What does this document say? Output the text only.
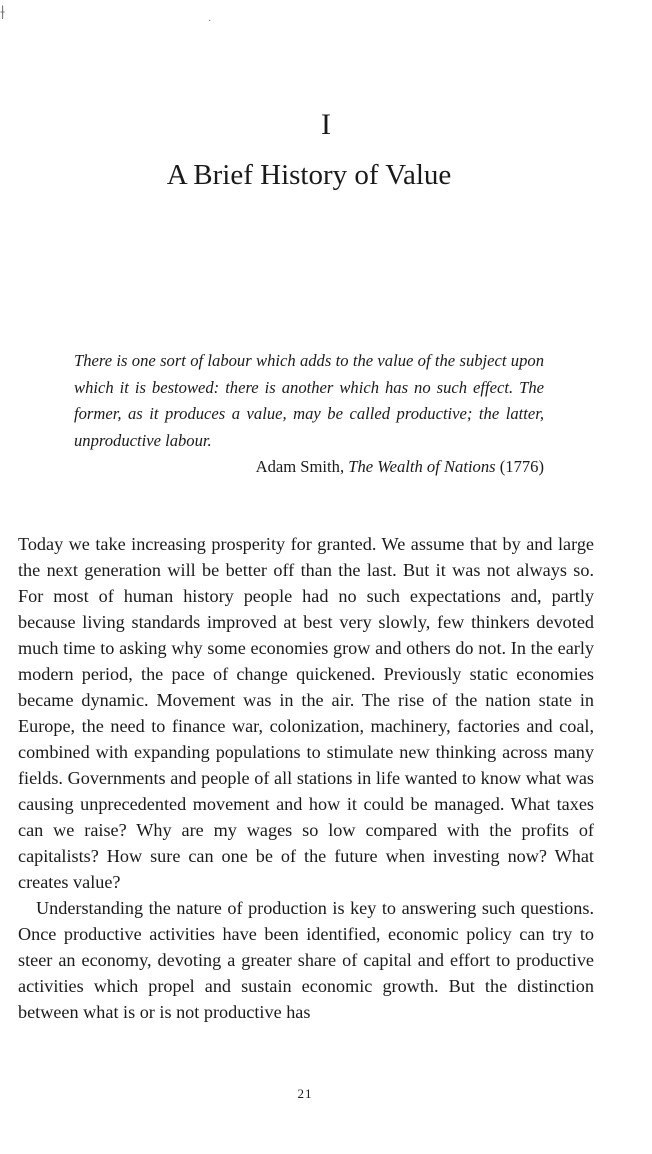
⟊	·
I
A Brief History of Value
There is one sort of labour which adds to the value of the subject upon which it is bestowed: there is another which has no such effect. The former, as it produces a value, may be called productive; the latter, unproductive labour.
Adam Smith, The Wealth of Nations (1776)

Today we take increasing prosperity for granted. We assume that by and large the next generation will be better off than the last. But it was not always so. For most of human history people had no such expectations and, partly because living standards improved at best very slowly, few thinkers devoted much time to asking why some economies grow and others do not. In the early modern period, the pace of change quickened. Previously static economies became dynamic. Movement was in the air. The rise of the nation state in Europe, the need to finance war, colonization, machinery, factories and coal, combined with expanding populations to stimulate new thinking across many fields. Governments and people of all stations in life wanted to know what was causing unprecedented movement and how it could be managed. What taxes can we raise? Why are my wages so low compared with the profits of capitalists? How sure can one be of the future when investing now? What creates value?

Understanding the nature of production is key to answering such questions. Once productive activities have been identified, economic policy can try to steer an economy, devoting a greater share of capital and effort to productive activities which propel and sustain economic growth. But the distinction between what is or is not productive has

21
